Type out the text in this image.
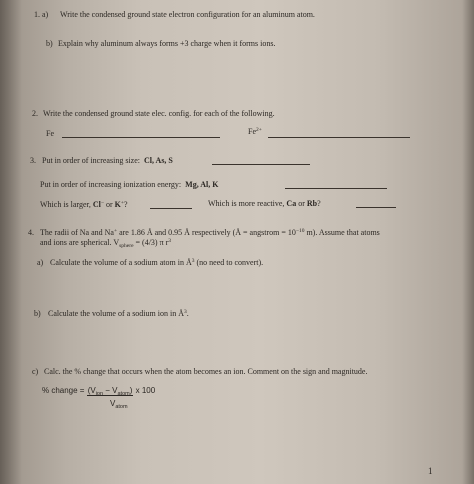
1. a) Write the condensed ground state electron configuration for an aluminum atom.
b) Explain why aluminum always forms +3 charge when it forms ions.
2. Write the condensed ground state elec. config. for each of the following.
Fe	$Fe^{2+}$
3. Put in order of increasing size: Cl, As, S
Put in order of increasing ionization energy: Mg, Al, K
Which is larger, Cl− or K+?	Which is more reactive, Ca or Rb?
4. The radii of Na and Na+ are 1.86 Å and 0.95 Å respectively (Å = angstrom = $10^{-10}$ m). Assume that atoms
and ions are spherical. $V_{sphere} = (4/3)$ π $r^3$
a) Calculate the volume of a sodium atom in $Å^3$ (no need to convert).
b) Calculate the volume of a sodium ion in $Å^3$.
c) Calc. the % change that occurs when the atom becomes an ion. Comment on the sign and magnitude.
% change = $(V_{ion} - V_{atom})$ x 100
$V_{atom}$
1
